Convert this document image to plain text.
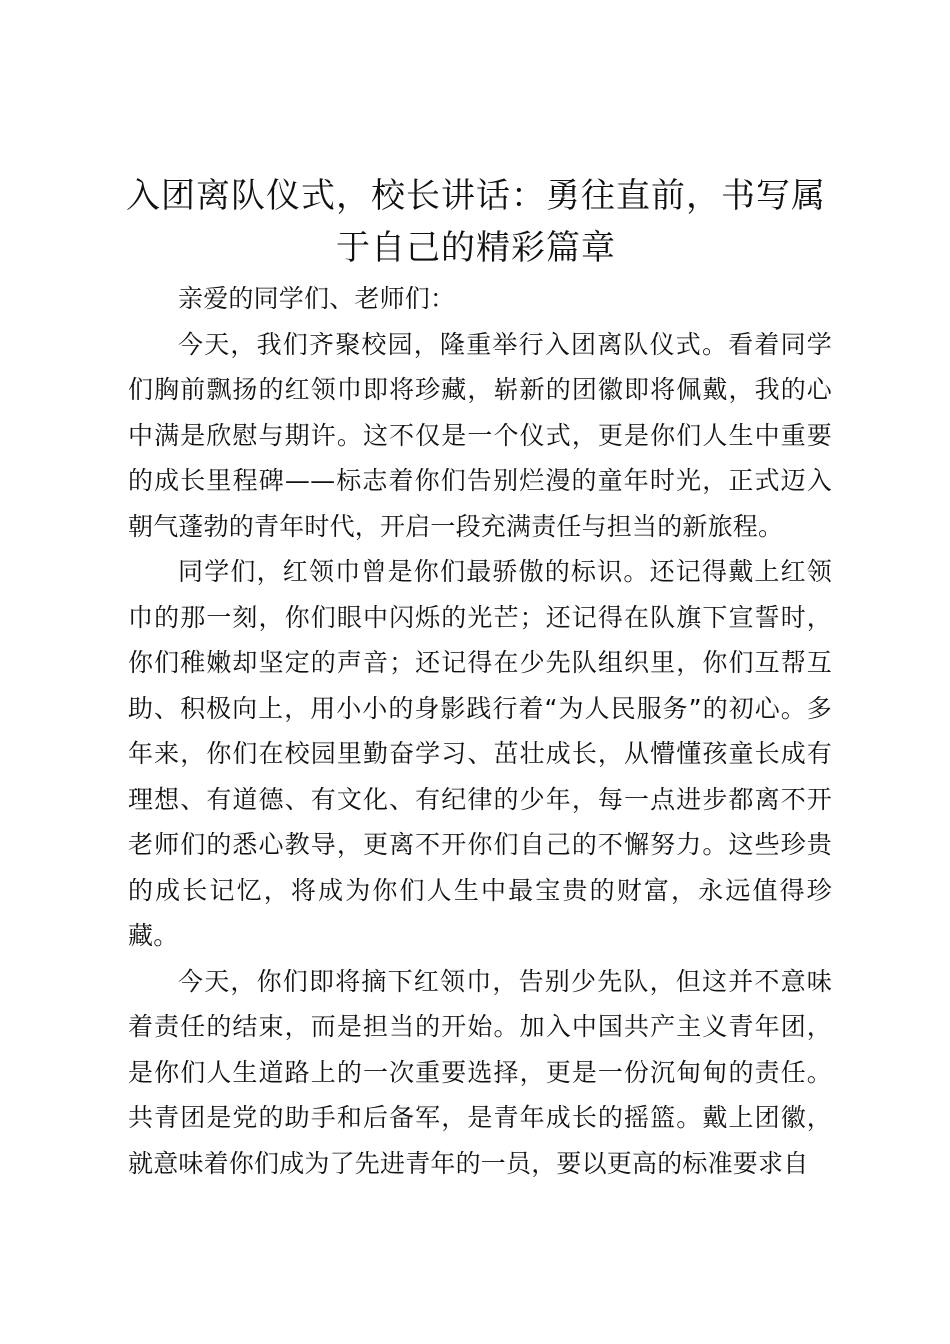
入团离队仪式，校长讲话：勇往直前，书写属于自己的精彩篇章

亲爱的同学们、老师们：

今天，我们齐聚校园，隆重举行入团离队仪式。看着同学们胸前飘扬的红领巾即将珍藏，崭新的团徽即将佩戴，我的心中满是欣慰与期许。这不仅是一个仪式，更是你们人生中重要的成长里程碑——标志着你们告别烂漫的童年时光，正式迈入朝气蓬勃的青年时代，开启一段充满责任与担当的新旅程。

同学们，红领巾曾是你们最骄傲的标识。还记得戴上红领巾的那一刻，你们眼中闪烁的光芒；还记得在队旗下宣誓时，你们稚嫩却坚定的声音；还记得在少先队组织里，你们互帮互助、积极向上，用小小的身影践行着“为人民服务”的初心。多年来，你们在校园里勤奋学习、茁壮成长，从懵懂孩童长成有理想、有道德、有文化、有纪律的少年，每一点进步都离不开老师们的悉心教导，更离不开你们自己的不懈努力。这些珍贵的成长记忆，将成为你们人生中最宝贵的财富，永远值得珍藏。

今天，你们即将摘下红领巾，告别少先队，但这并不意味着责任的结束，而是担当的开始。加入中国共产主义青年团，是你们人生道路上的一次重要选择，更是一份沉甸甸的责任。共青团是党的助手和后备军，是青年成长的摇篮。戴上团徽，就意味着你们成为了先进青年的一员，要以更高的标准要求自
